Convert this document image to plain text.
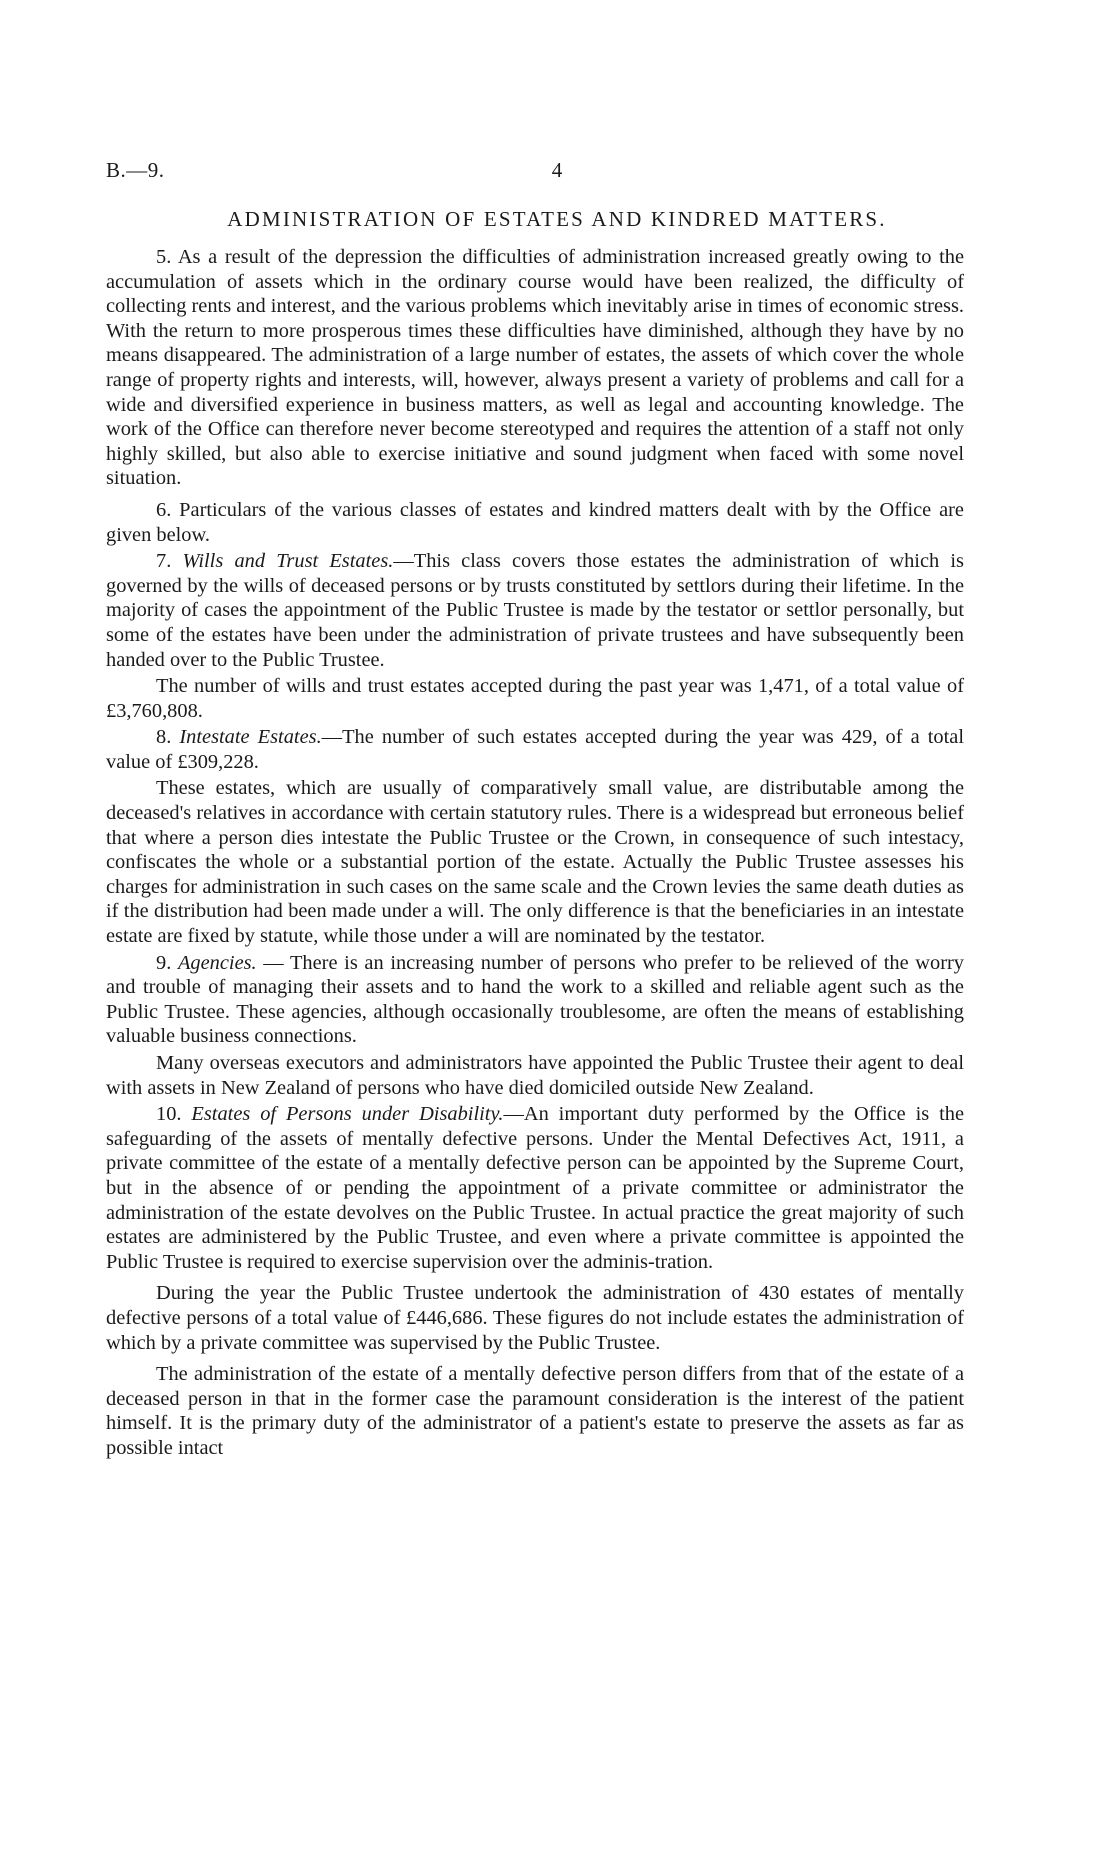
B.—9.	4
ADMINISTRATION OF ESTATES AND KINDRED MATTERS.

5. As a result of the depression the difficulties of administration increased greatly owing to the accumulation of assets which in the ordinary course would have been realized, the difficulty of collecting rents and interest, and the various problems which inevitably arise in times of economic stress. With the return to more prosperous times these difficulties have diminished, although they have by no means disappeared. The administration of a large number of estates, the assets of which cover the whole range of property rights and interests, will, however, always present a variety of problems and call for a wide and diversified experience in business matters, as well as legal and accounting knowledge. The work of the Office can therefore never become stereotyped and requires the attention of a staff not only highly skilled, but also able to exercise initiative and sound judgment when faced with some novel situation.

6. Particulars of the various classes of estates and kindred matters dealt with by the Office are given below.

7. Wills and Trust Estates.—This class covers those estates the administration of which is governed by the wills of deceased persons or by trusts constituted by settlors during their lifetime. In the majority of cases the appointment of the Public Trustee is made by the testator or settlor personally, but some of the estates have been under the administration of private trustees and have subsequently been handed over to the Public Trustee.

The number of wills and trust estates accepted during the past year was 1,471, of a total value of £3,760,808.

8. Intestate Estates.—The number of such estates accepted during the year was 429, of a total value of £309,228.

These estates, which are usually of comparatively small value, are distributable among the deceased's relatives in accordance with certain statutory rules. There is a widespread but erroneous belief that where a person dies intestate the Public Trustee or the Crown, in consequence of such intestacy, confiscates the whole or a substantial portion of the estate. Actually the Public Trustee assesses his charges for administration in such cases on the same scale and the Crown levies the same death duties as if the distribution had been made under a will. The only difference is that the beneficiaries in an intestate estate are fixed by statute, while those under a will are nominated by the testator.

9. Agencies. — There is an increasing number of persons who prefer to be relieved of the worry and trouble of managing their assets and to hand the work to a skilled and reliable agent such as the Public Trustee. These agencies, although occasionally troublesome, are often the means of establishing valuable business connections.

Many overseas executors and administrators have appointed the Public Trustee their agent to deal with assets in New Zealand of persons who have died domiciled outside New Zealand.

10. Estates of Persons under Disability.—An important duty performed by the Office is the safeguarding of the assets of mentally defective persons. Under the Mental Defectives Act, 1911, a private committee of the estate of a mentally defective person can be appointed by the Supreme Court, but in the absence of or pending the appointment of a private committee or administrator the administration of the estate devolves on the Public Trustee. In actual practice the great majority of such estates are administered by the Public Trustee, and even where a private committee is appointed the Public Trustee is required to exercise supervision over the adminis-tration.

During the year the Public Trustee undertook the administration of 430 estates of mentally defective persons of a total value of £446,686. These figures do not include estates the administration of which by a private committee was supervised by the Public Trustee.

The administration of the estate of a mentally defective person differs from that of the estate of a deceased person in that in the former case the paramount consideration is the interest of the patient himself. It is the primary duty of the administrator of a patient's estate to preserve the assets as far as possible intact
